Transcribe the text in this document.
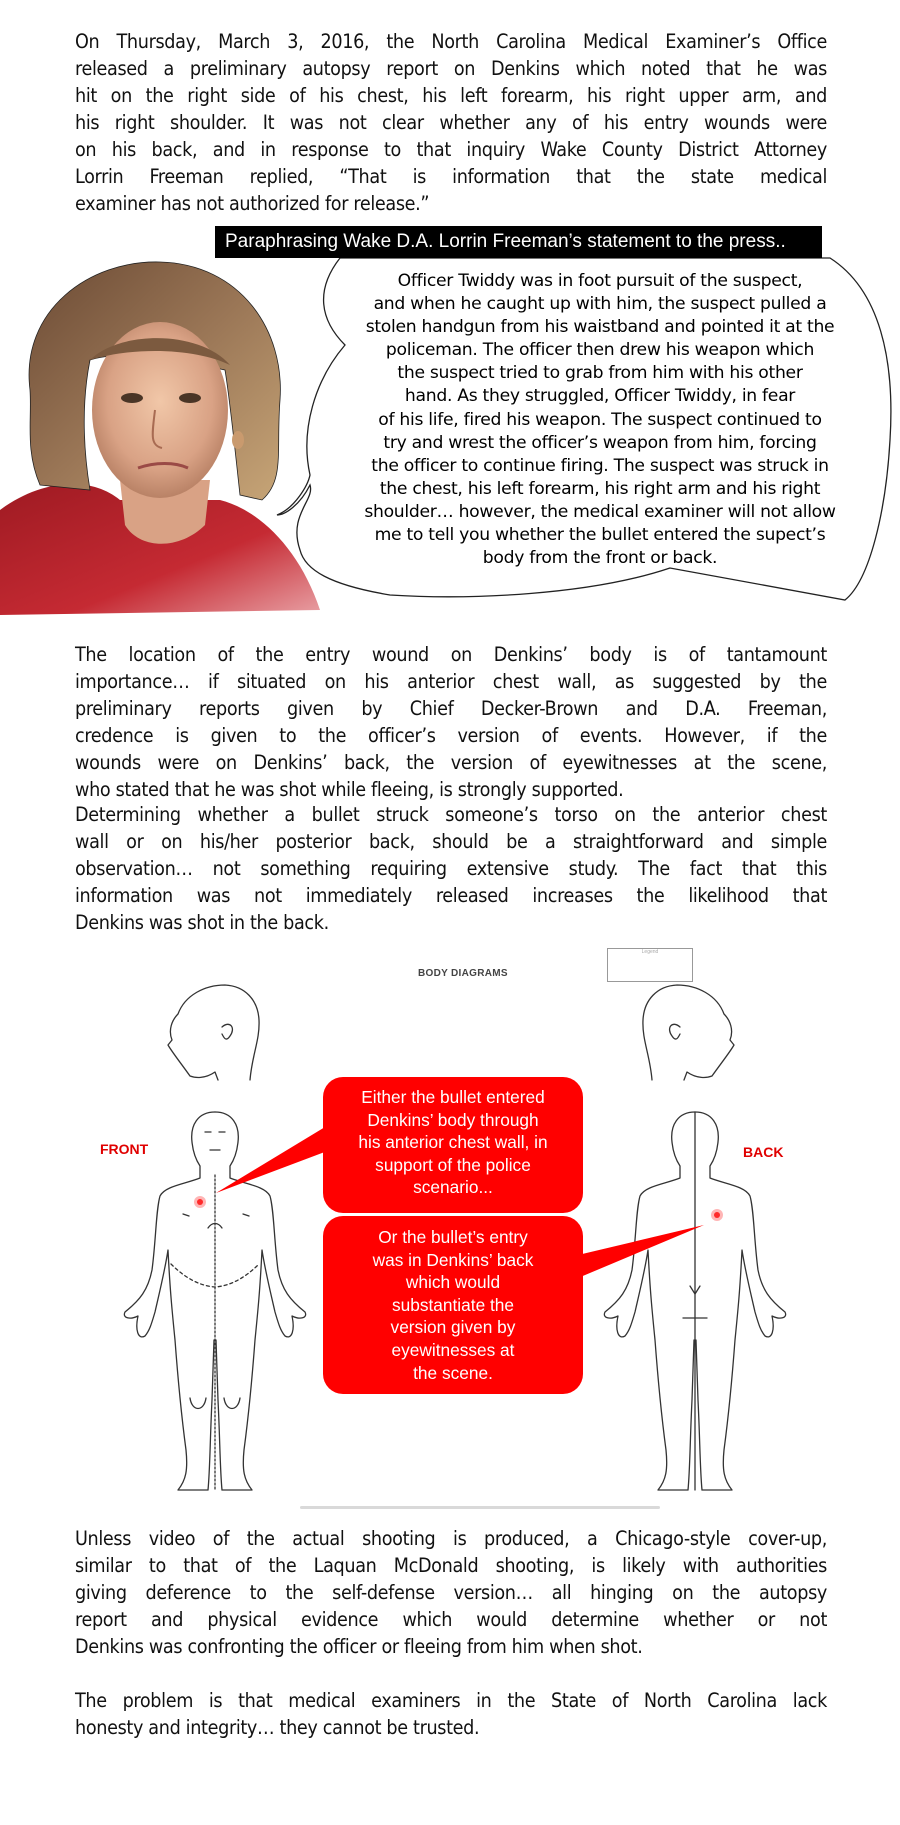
On Thursday, March 3, 2016, the North Carolina Medical Examiner’s Office
released a preliminary autopsy report on Denkins which noted that he was
hit on the right side of his chest, his left forearm, his right upper arm, and
his right shoulder. It was not clear whether any of his entry wounds were
on his back, and in response to that inquiry Wake County District Attorney
Lorrin Freeman replied, “That is information that the state medical
examiner has not authorized for release.”

Paraphrasing Wake D.A. Lorrin Freeman’s statement to the press..
Officer Twiddy was in foot pursuit of the suspect,
and when he caught up with him, the suspect pulled a
stolen handgun from his waistband and pointed it at the
policeman. The officer then drew his weapon which
the suspect tried to grab from him with his other
hand. As they struggled, Officer Twiddy, in fear
of his life, fired his weapon. The suspect continued to
try and wrest the officer’s weapon from him, forcing
the officer to continue firing. The suspect was struck in
the chest, his left forearm, his right arm and his right
shoulder… however, the medical examiner will not allow
me to tell you whether the bullet entered the supect’s
body from the front or back.

The location of the entry wound on Denkins’ body is of tantamount
importance… if situated on his anterior chest wall, as suggested by the
preliminary reports given by Chief Decker-Brown and D.A. Freeman,
credence is given to the officer’s version of events. However, if the
wounds were on Denkins’ back, the version of eyewitnesses at the scene,
who stated that he was shot while fleeing, is strongly supported.

Determining whether a bullet struck someone’s torso on the anterior chest
wall or on his/her posterior back, should be a straightforward and simple
observation… not something requiring extensive study. The fact that this
information was not immediately released increases the likelihood that
Denkins was shot in the back.

BODY DIAGRAMS
Legend
FRONT	BACK
Either the bullet entered
Denkins’ body through
his anterior chest wall, in
support of the police
scenario...
Or the bullet’s entry
was in Denkins’ back
which would
substantiate the
version given by
eyewitnesses at
the scene.

Unless video of the actual shooting is produced, a Chicago-style cover-up,
similar to that of the Laquan McDonald shooting, is likely with authorities
giving deference to the self-defense version… all hinging on the autopsy
report and physical evidence which would determine whether or not
Denkins was confronting the officer or fleeing from him when shot.

The problem is that medical examiners in the State of North Carolina lack
honesty and integrity… they cannot be trusted.
